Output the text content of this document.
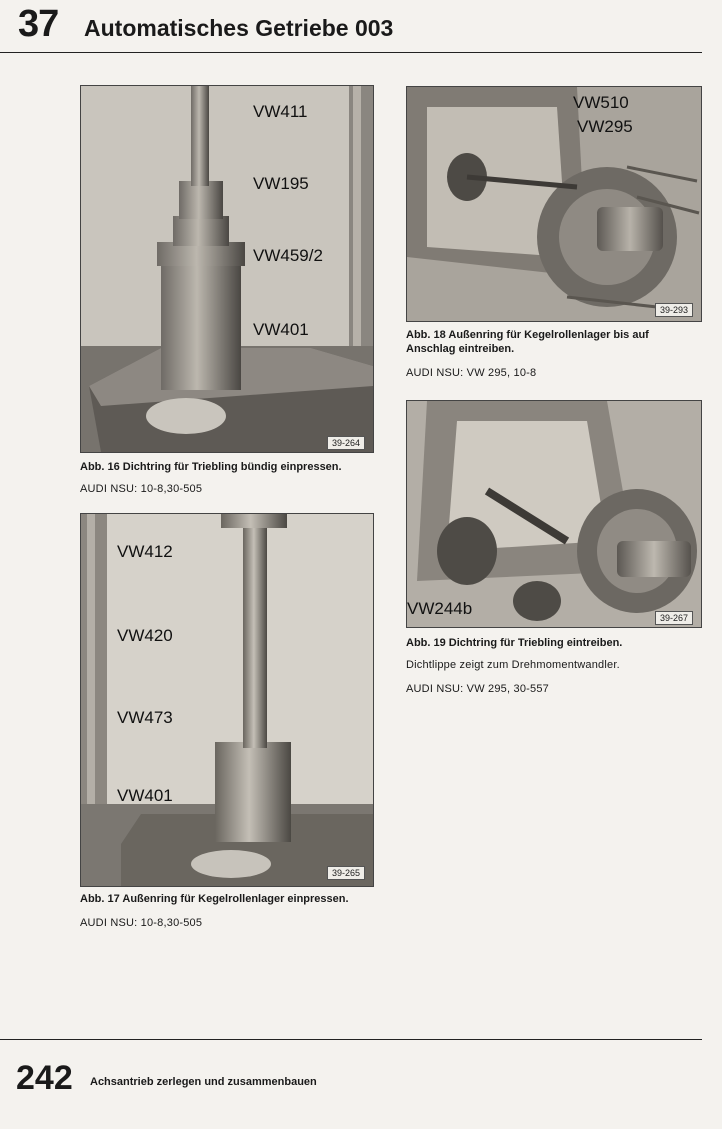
37 Automatisches Getriebe 003
39-264
VW411
VW195
VW459/2
VW401
Abb. 16 Dichtring für Triebling bündig einpressen.
AUDI NSU: 10-8,30-505
39-265
VW412
VW420
VW473
VW401
Abb. 17 Außenring für Kegelrollenlager einpressen.
AUDI NSU: 10-8,30-505
39-293
VW510
VW295
Abb. 18 Außenring für Kegelrollenlager bis auf Anschlag eintreiben.
AUDI NSU: VW 295, 10-8
39-267
VW244b
Abb. 19 Dichtring für Triebling eintreiben.
Dichtlippe zeigt zum Drehmomentwandler.
AUDI NSU: VW 295, 30-557
242 Achsantrieb zerlegen und zusammenbauen
